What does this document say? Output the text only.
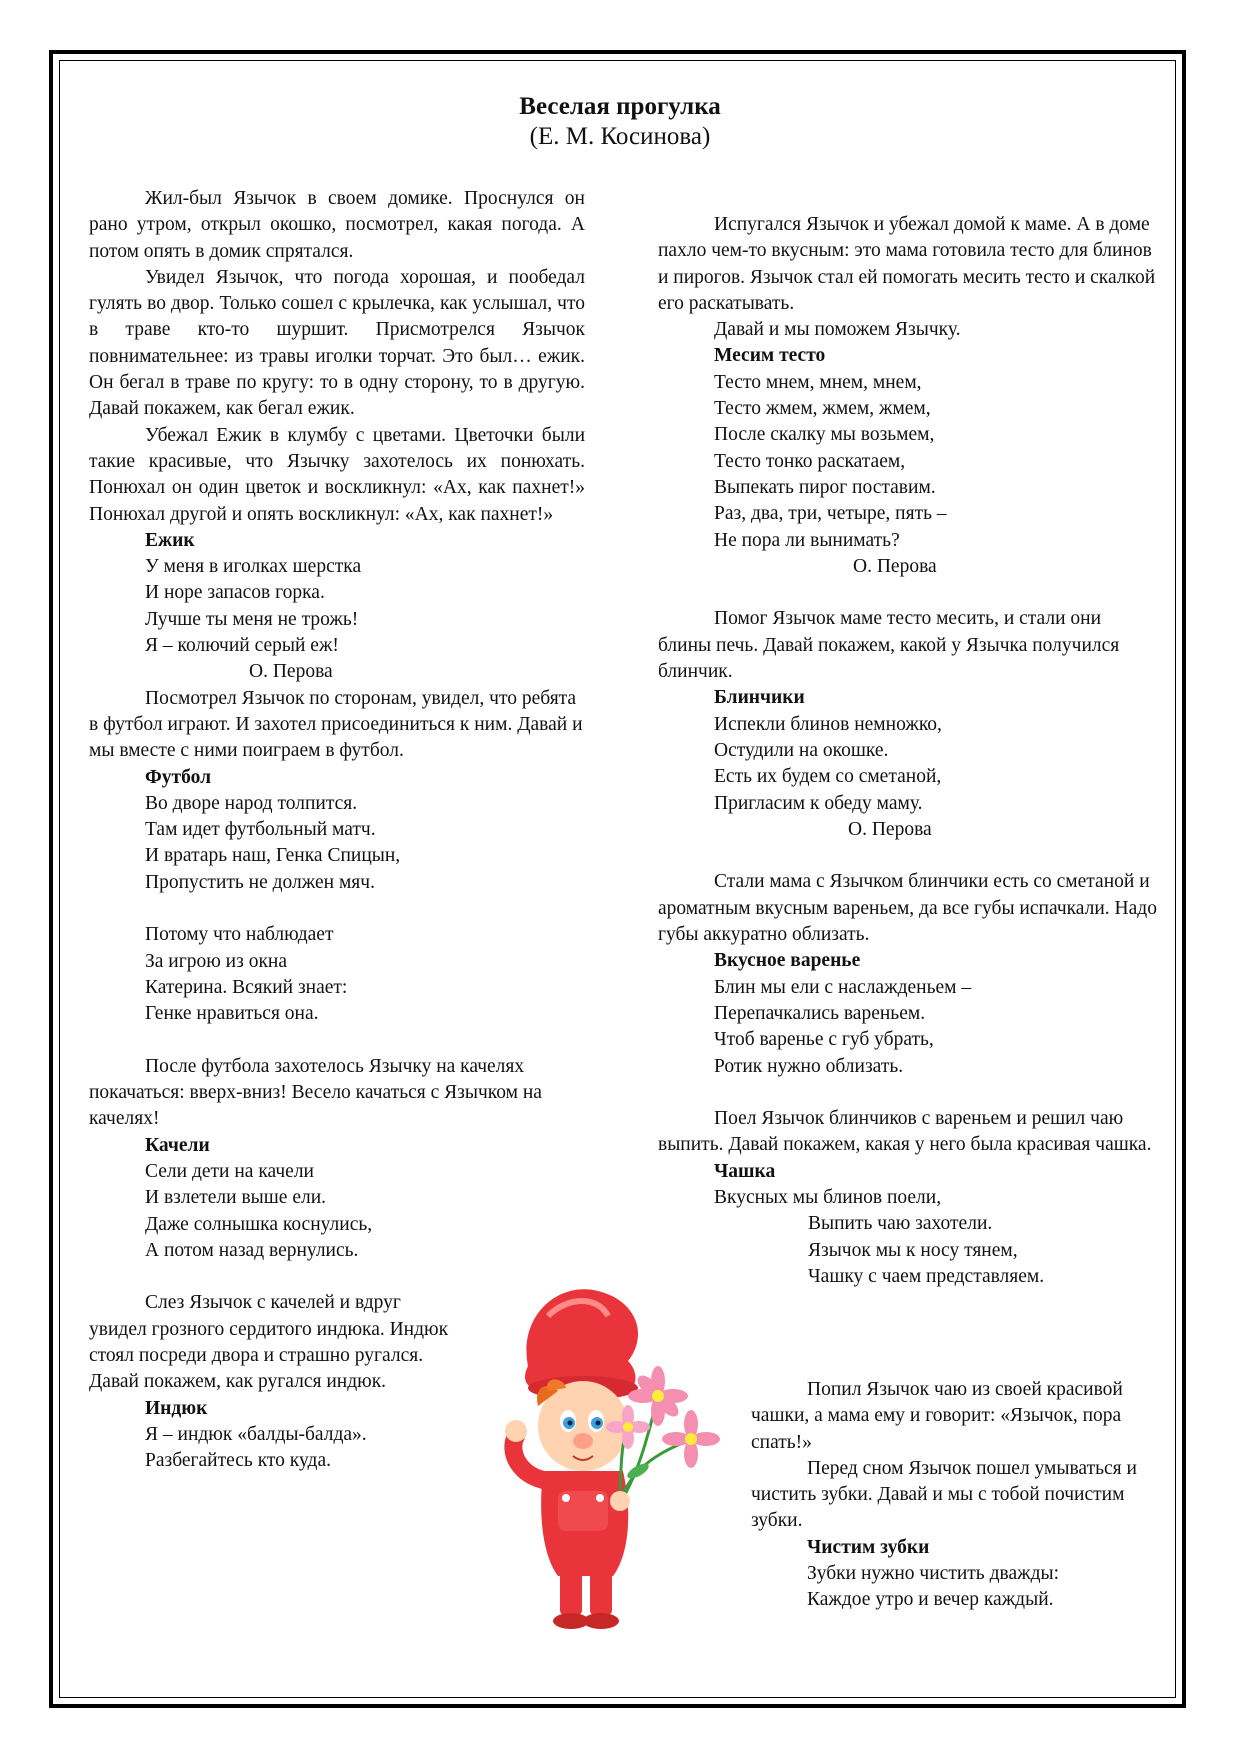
Веселая прогулка
(Е. М. Косинова)

Жил-был Язычок в своем домике. Проснулся он рано утром, открыл окошко, посмотрел, какая погода. А потом опять в домик спрятался.

Увидел Язычок, что погода хорошая, и пообедал гулять во двор. Только сошел с крылечка, как услышал, что в траве кто-то шуршит. Присмотрелся Язычок повнимательнее: из травы иголки торчат. Это был… ежик. Он бегал в траве по кругу: то в одну сторону, то в другую. Давай покажем, как бегал ежик.

Убежал Ежик в клумбу с цветами. Цветочки были такие красивые, что Язычку захотелось их понюхать. Понюхал он один цветок и воскликнул: «Ах, как пахнет!» Понюхал другой и опять воскликнул: «Ах, как пахнет!»

Ежик
У меня в иголках шерстка
И норе запасов горка.
Лучше ты меня не трожь!
Я – колючий серый еж!
О. Перова

Посмотрел Язычок по сторонам, увидел, что ребята в футбол играют. И захотел присоединиться к ним. Давай и мы вместе с ними поиграем в футбол.

Футбол
Во дворе народ толпится.
Там идет футбольный матч.
И вратарь наш, Генка Спицын,
Пропустить не должен мяч.
Потому что наблюдает
За игрою из окна
Катерина. Всякий знает:
Генке нравиться она.

После футбола захотелось Язычку на качелях покачаться: вверх-вниз! Весело качаться с Язычком на качелях!

Качели
Сели дети на качели
И взлетели выше ели.
Даже солнышка коснулись,
А потом назад вернулись.

Слез Язычок с качелей и вдруг увидел грозного сердитого индюка. Индюк стоял посреди двора и страшно ругался. Давай покажем, как ругался индюк.

Индюк
Я – индюк «балды-балда».
Разбегайтесь кто куда.

Испугался Язычок и убежал домой к маме. А в доме пахло чем-то вкусным: это мама готовила тесто для блинов и пирогов. Язычок стал ей помогать месить тесто и скалкой его раскатывать.

Давай и мы поможем Язычку.

Месим тесто
Тесто мнем, мнем, мнем,
Тесто жмем, жмем, жмем,
После скалку мы возьмем,
Тесто тонко раскатаем,
Выпекать пирог поставим.
Раз, два, три, четыре, пять –
Не пора ли вынимать?
О. Перова

Помог Язычок маме тесто месить, и стали они блины печь. Давай покажем, какой у Язычка получился блинчик.

Блинчики
Испекли блинов немножко,
Остудили на окошке.
Есть их будем со сметаной,
Пригласим к обеду маму.
О. Перова

Стали мама с Язычком блинчики есть со сметаной и ароматным вкусным вареньем, да все губы испачкали. Надо губы аккуратно облизать.

Вкусное варенье
Блин мы ели с наслажденьем –
Перепачкались вареньем.
Чтоб варенье с губ убрать,
Ротик нужно облизать.

Поел Язычок блинчиков с вареньем и решил чаю выпить. Давай покажем, какая у него была красивая чашка.

Чашка
Вкусных мы блинов поели,
Выпить чаю захотели.
Язычок мы к носу тянем,
Чашку с чаем представляем.

Попил Язычок чаю из своей красивой чашки, а мама ему и говорит: «Язычок, пора спать!»

Перед сном Язычок пошел умываться и чистить зубки. Давай и мы с тобой почистим зубки.

Чистим зубки
Зубки нужно чистить дважды:
Каждое утро и вечер каждый.
